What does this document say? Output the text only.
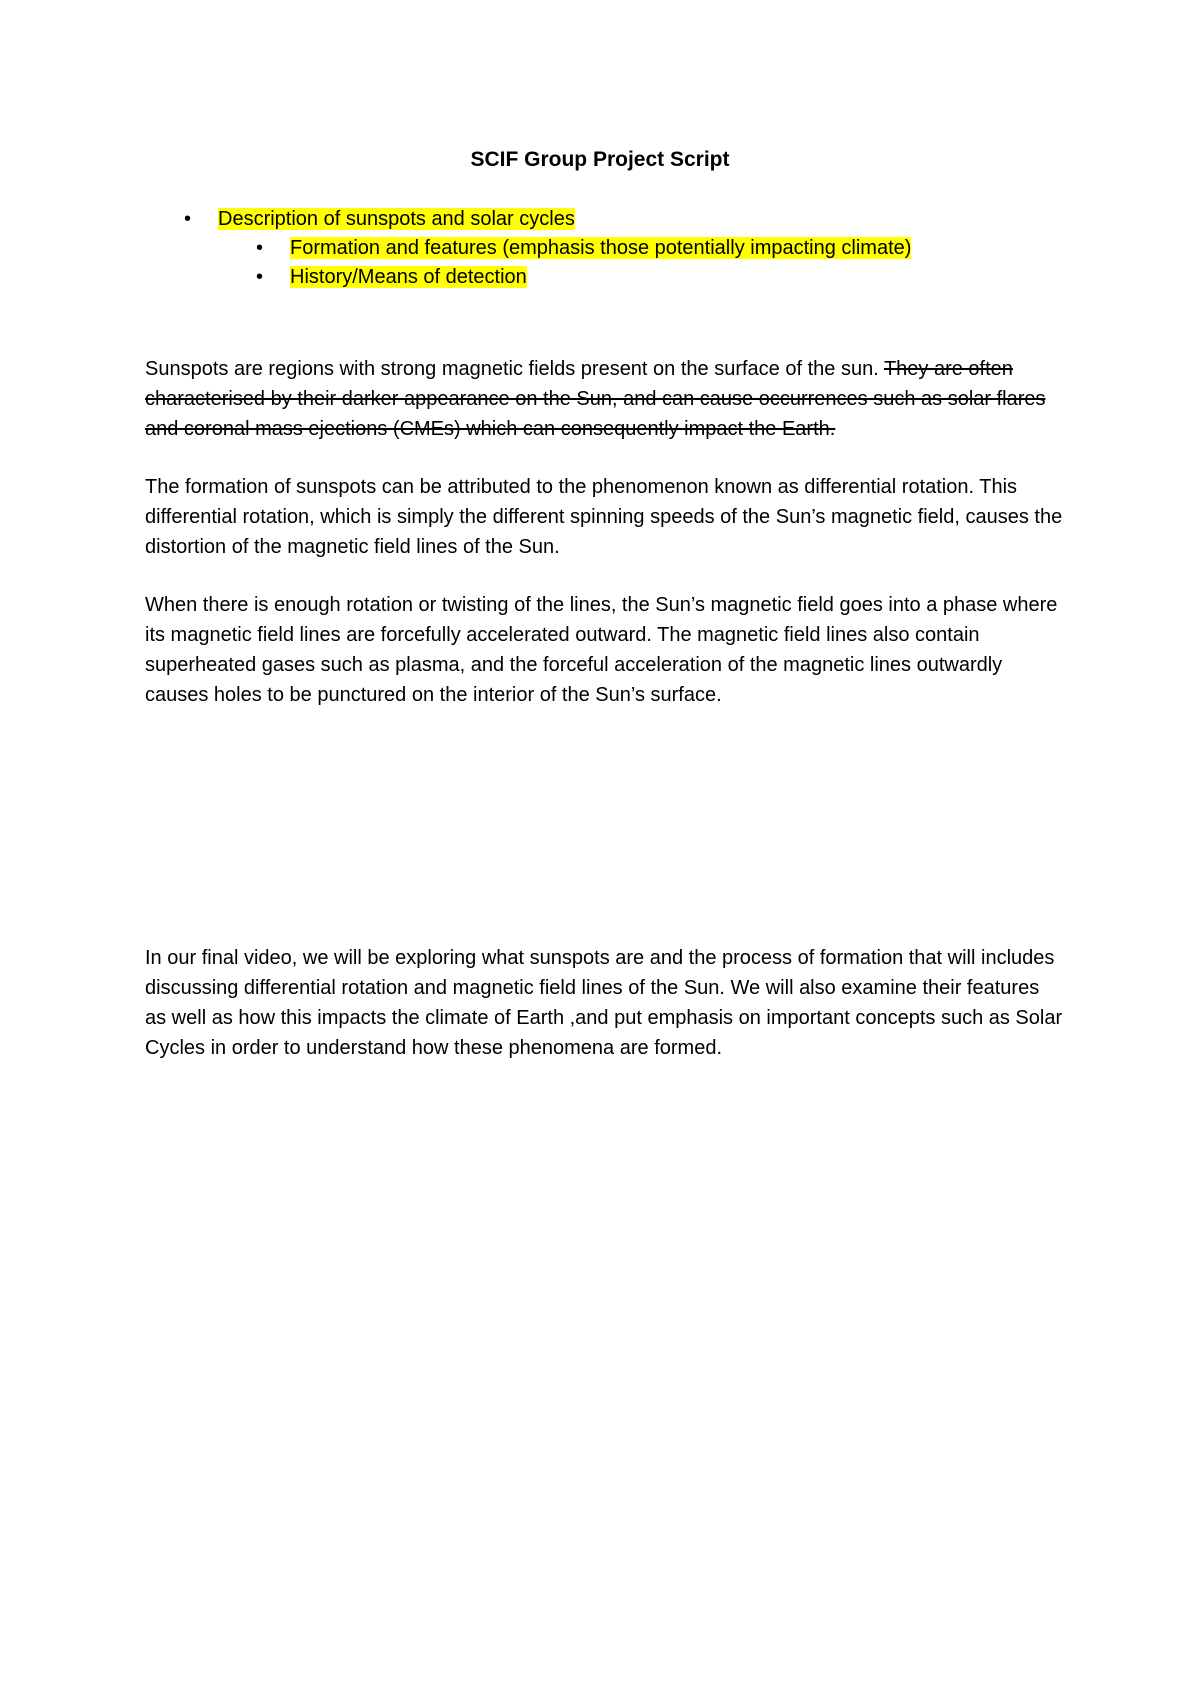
SCIF Group Project Script
• Description of sunspots and solar cycles
• Formation and features (emphasis those potentially impacting climate)
• History/Means of detection
Sunspots are regions with strong magnetic fields present on the surface of the sun. They are often characterised by their darker appearance on the Sun, and can cause occurrences such as solar flares and coronal mass ejections (CMEs) which can consequently impact the Earth.
The formation of sunspots can be attributed to the phenomenon known as differential rotation. This differential rotation, which is simply the different spinning speeds of the Sun’s magnetic field, causes the distortion of the magnetic field lines of the Sun.
When there is enough rotation or twisting of the lines, the Sun’s magnetic field goes into a phase where its magnetic field lines are forcefully accelerated outward. The magnetic field lines also contain superheated gases such as plasma, and the forceful acceleration of the magnetic lines outwardly causes holes to be punctured on the interior of the Sun’s surface.
In our final video, we will be exploring what sunspots are and the process of formation that will includes discussing differential rotation and magnetic field lines of the Sun. We will also examine their features as well as how this impacts the climate of Earth ,and put emphasis on important concepts such as Solar Cycles in order to understand how these phenomena are formed.
